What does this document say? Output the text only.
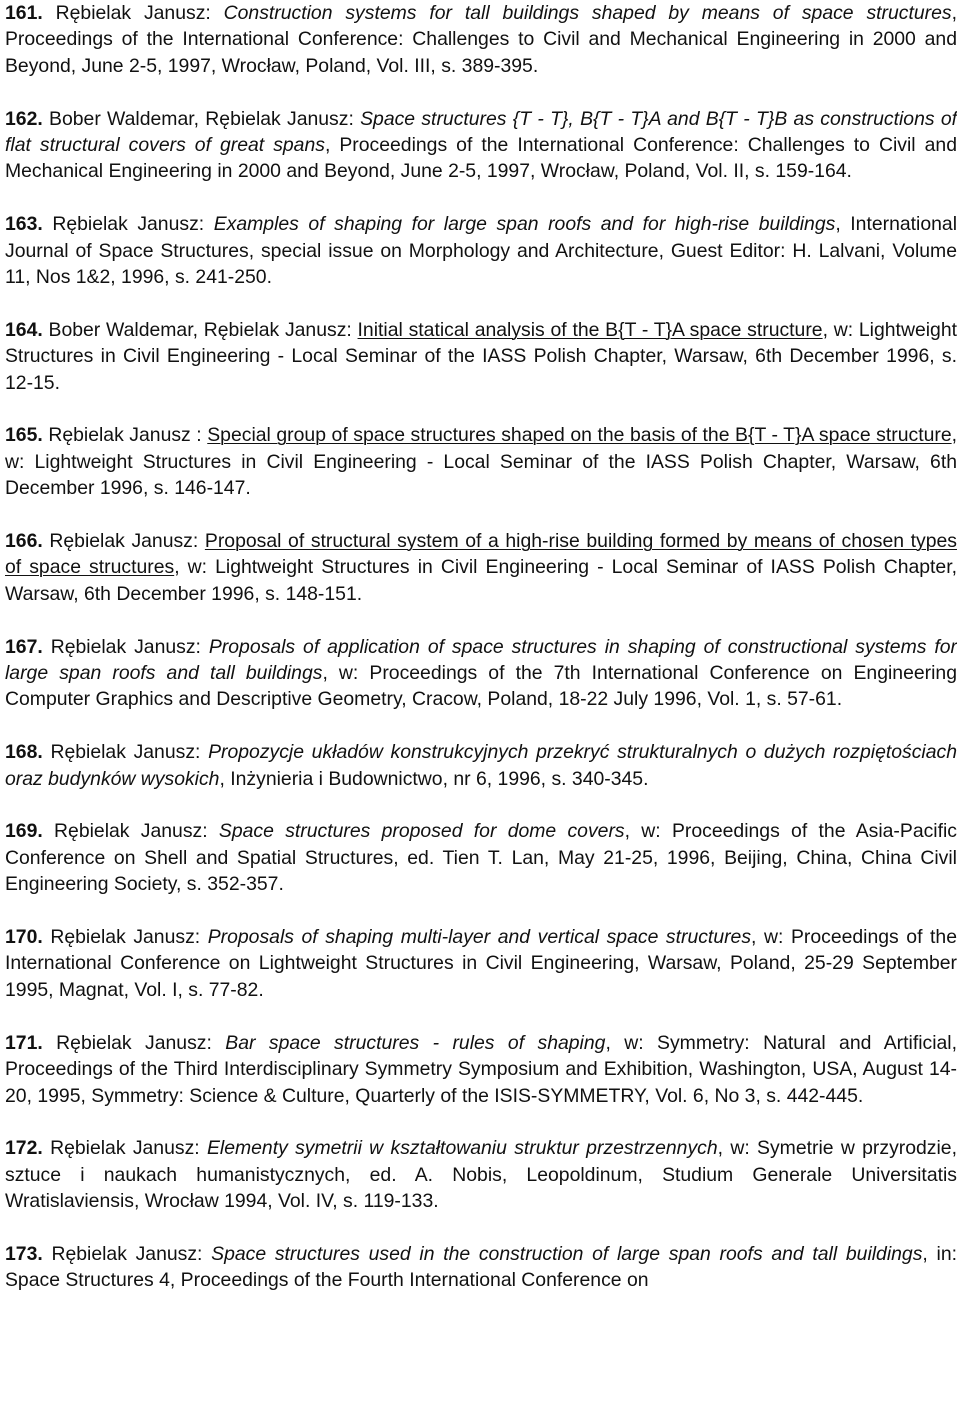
161. Rębielak Janusz: Construction systems for tall buildings shaped by means of space structures, Proceedings of the International Conference: Challenges to Civil and Mechanical Engineering in 2000 and Beyond, June 2-5, 1997, Wrocław, Poland, Vol. III, s. 389-395.
162. Bober Waldemar, Rębielak Janusz: Space structures {T - T}, B{T - T}A and B{T - T}B as constructions of flat structural covers of great spans, Proceedings of the International Conference: Challenges to Civil and Mechanical Engineering in 2000 and Beyond, June 2-5, 1997, Wrocław, Poland, Vol. II, s. 159-164.
163. Rębielak Janusz: Examples of shaping for large span roofs and for high-rise buildings, International Journal of Space Structures, special issue on Morphology and Architecture, Guest Editor: H. Lalvani, Volume 11, Nos 1&2, 1996, s. 241-250.
164. Bober Waldemar, Rębielak Janusz: Initial statical analysis of the B{T - T}A space structure, w: Lightweight Structures in Civil Engineering - Local Seminar of the IASS Polish Chapter, Warsaw, 6th December 1996, s. 12-15.
165. Rębielak Janusz : Special group of space structures shaped on the basis of the B{T - T}A space structure, w: Lightweight Structures in Civil Engineering - Local Seminar of the IASS Polish Chapter, Warsaw, 6th December 1996, s. 146-147.
166. Rębielak Janusz: Proposal of structural system of a high-rise building formed by means of chosen types of space structures, w: Lightweight Structures in Civil Engineering - Local Seminar of IASS Polish Chapter, Warsaw, 6th December 1996, s. 148-151.
167. Rębielak Janusz: Proposals of application of space structures in shaping of constructional systems for large span roofs and tall buildings, w: Proceedings of the 7th International Conference on Engineering Computer Graphics and Descriptive Geometry, Cracow, Poland, 18-22 July 1996, Vol. 1, s. 57-61.
168. Rębielak Janusz: Propozycje układów konstrukcyjnych przekryć strukturalnych o dużych rozpiętościach oraz budynków wysokich, Inżynieria i Budownictwo, nr 6, 1996, s. 340-345.
169. Rębielak Janusz: Space structures proposed for dome covers, w: Proceedings of the Asia-Pacific Conference on Shell and Spatial Structures, ed. Tien T. Lan, May 21-25, 1996, Beijing, China, China Civil Engineering Society, s. 352-357.
170. Rębielak Janusz: Proposals of shaping multi-layer and vertical space structures, w: Proceedings of the International Conference on Lightweight Structures in Civil Engineering, Warsaw, Poland, 25-29 September 1995, Magnat, Vol. I, s. 77-82.
171. Rębielak Janusz: Bar space structures - rules of shaping, w: Symmetry: Natural and Artificial, Proceedings of the Third Interdisciplinary Symmetry Symposium and Exhibition, Washington, USA, August 14-20, 1995, Symmetry: Science & Culture, Quarterly of the ISIS-SYMMETRY, Vol. 6, No 3, s. 442-445.
172. Rębielak Janusz: Elementy symetrii w kształtowaniu struktur przestrzennych, w: Symetrie w przyrodzie, sztuce i naukach humanistycznych, ed. A. Nobis, Leopoldinum, Studium Generale Universitatis Wratislaviensis, Wrocław 1994, Vol. IV, s. 119-133.
173. Rębielak Janusz: Space structures used in the construction of large span roofs and tall buildings, in: Space Structures 4, Proceedings of the Fourth International Conference on
